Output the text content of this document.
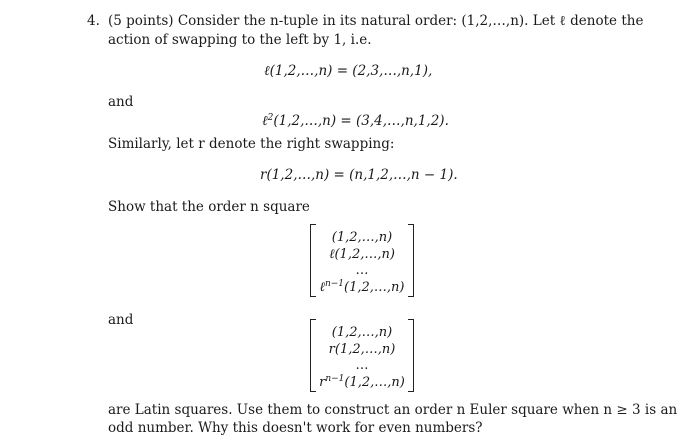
4. (5 points) Consider the n-tuple in its natural order: (1,2,…,n). Let ℓ denote the
action of swapping to the left by 1, i.e.
ℓ(1,2,…,n) = (2,3,…,n,1),
and
ℓ$^2$(1,2,…,n) = (3,4,…,n,1,2).
Similarly, let r denote the right swapping:
r(1,2,…,n) = (n,1,2,…,n − 1).
Show that the order n square
(1,2,…,n)
ℓ(1,2,…,n)
…
ℓ$^{n-1}$(1,2,…,n)
and
(1,2,…,n)
r(1,2,…,n)
…
$r^{n-1}(1,2,\dots,n)$
are Latin squares. Use them to construct an order n Euler square when n ≥ 3 is an
odd number. Why this doesn't work for even numbers?
